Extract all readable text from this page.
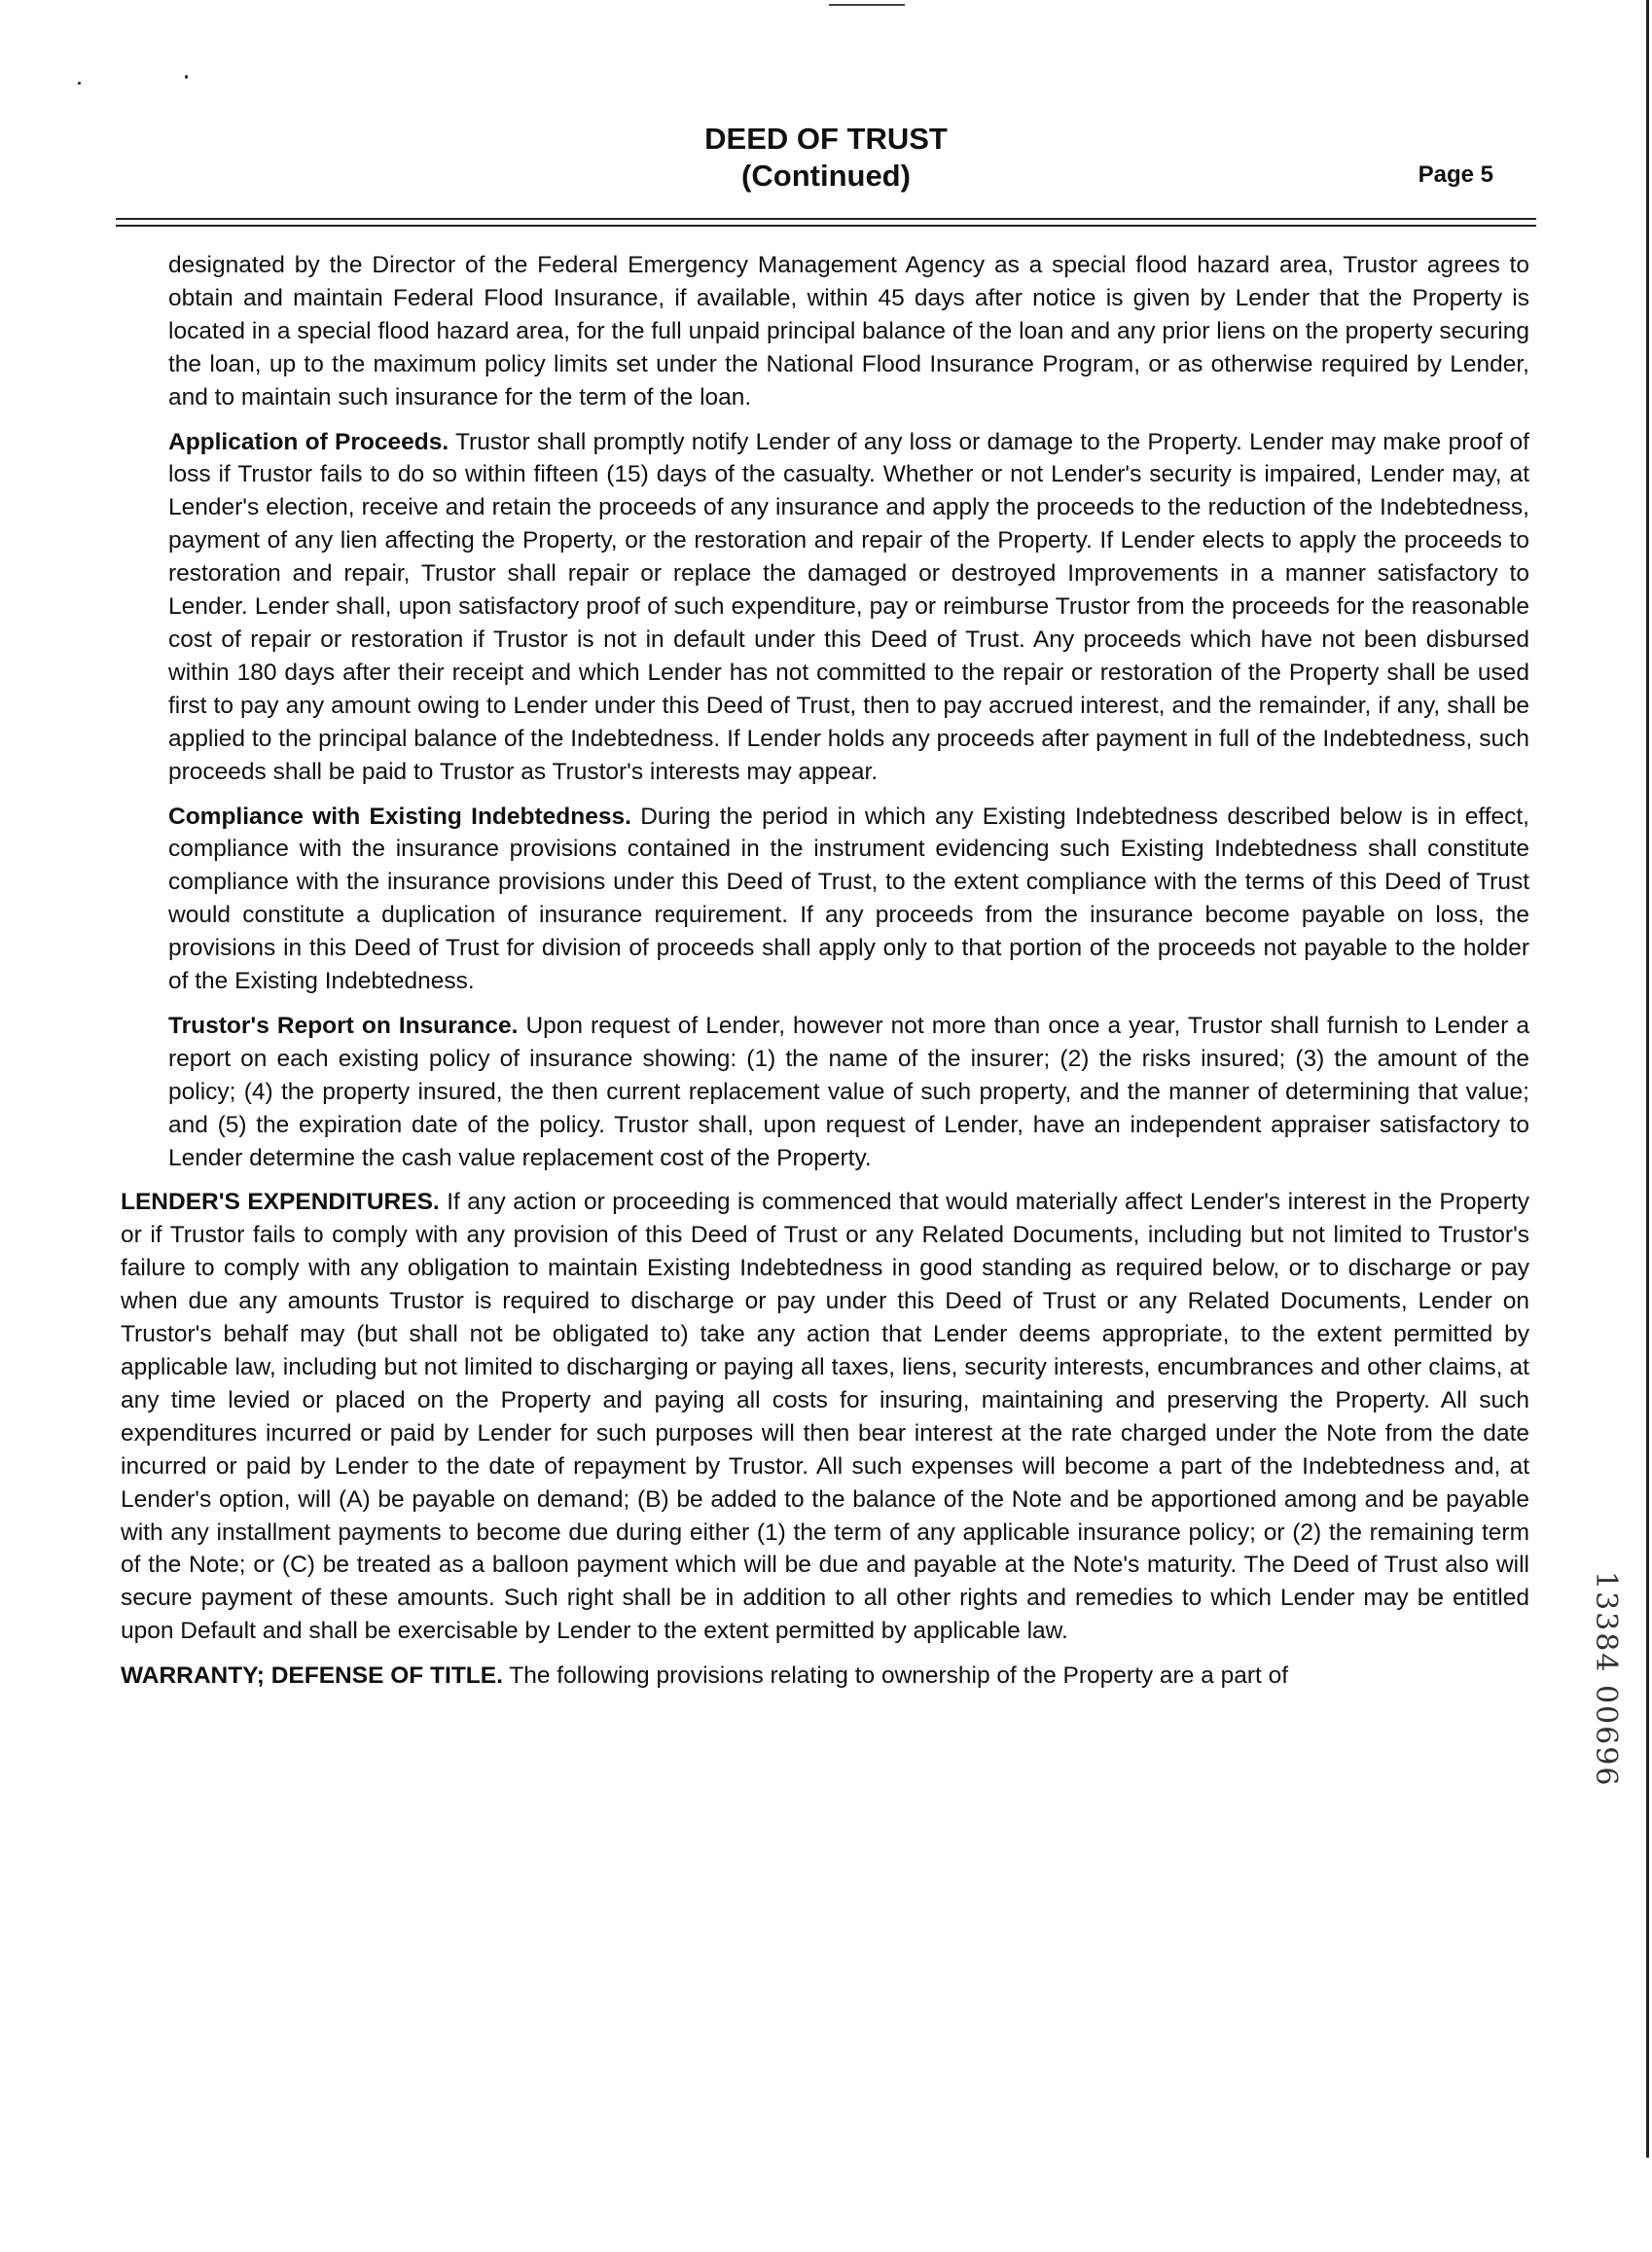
DEED OF TRUST
(Continued)	Page 5

designated by the Director of the Federal Emergency Management Agency as a special flood hazard area, Trustor agrees to obtain and maintain Federal Flood Insurance, if available, within 45 days after notice is given by Lender that the Property is located in a special flood hazard area, for the full unpaid principal balance of the loan and any prior liens on the property securing the loan, up to the maximum policy limits set under the National Flood Insurance Program, or as otherwise required by Lender, and to maintain such insurance for the term of the loan.

Application of Proceeds. Trustor shall promptly notify Lender of any loss or damage to the Property. Lender may make proof of loss if Trustor fails to do so within fifteen (15) days of the casualty. Whether or not Lender's security is impaired, Lender may, at Lender's election, receive and retain the proceeds of any insurance and apply the proceeds to the reduction of the Indebtedness, payment of any lien affecting the Property, or the restoration and repair of the Property. If Lender elects to apply the proceeds to restoration and repair, Trustor shall repair or replace the damaged or destroyed Improvements in a manner satisfactory to Lender. Lender shall, upon satisfactory proof of such expenditure, pay or reimburse Trustor from the proceeds for the reasonable cost of repair or restoration if Trustor is not in default under this Deed of Trust. Any proceeds which have not been disbursed within 180 days after their receipt and which Lender has not committed to the repair or restoration of the Property shall be used first to pay any amount owing to Lender under this Deed of Trust, then to pay accrued interest, and the remainder, if any, shall be applied to the principal balance of the Indebtedness. If Lender holds any proceeds after payment in full of the Indebtedness, such proceeds shall be paid to Trustor as Trustor's interests may appear.

Compliance with Existing Indebtedness. During the period in which any Existing Indebtedness described below is in effect, compliance with the insurance provisions contained in the instrument evidencing such Existing Indebtedness shall constitute compliance with the insurance provisions under this Deed of Trust, to the extent compliance with the terms of this Deed of Trust would constitute a duplication of insurance requirement. If any proceeds from the insurance become payable on loss, the provisions in this Deed of Trust for division of proceeds shall apply only to that portion of the proceeds not payable to the holder of the Existing Indebtedness.

Trustor's Report on Insurance. Upon request of Lender, however not more than once a year, Trustor shall furnish to Lender a report on each existing policy of insurance showing: (1) the name of the insurer; (2) the risks insured; (3) the amount of the policy; (4) the property insured, the then current replacement value of such property, and the manner of determining that value; and (5) the expiration date of the policy. Trustor shall, upon request of Lender, have an independent appraiser satisfactory to Lender determine the cash value replacement cost of the Property.

LENDER'S EXPENDITURES. If any action or proceeding is commenced that would materially affect Lender's interest in the Property or if Trustor fails to comply with any provision of this Deed of Trust or any Related Documents, including but not limited to Trustor's failure to comply with any obligation to maintain Existing Indebtedness in good standing as required below, or to discharge or pay when due any amounts Trustor is required to discharge or pay under this Deed of Trust or any Related Documents, Lender on Trustor's behalf may (but shall not be obligated to) take any action that Lender deems appropriate, to the extent permitted by applicable law, including but not limited to discharging or paying all taxes, liens, security interests, encumbrances and other claims, at any time levied or placed on the Property and paying all costs for insuring, maintaining and preserving the Property. All such expenditures incurred or paid by Lender for such purposes will then bear interest at the rate charged under the Note from the date incurred or paid by Lender to the date of repayment by Trustor. All such expenses will become a part of the Indebtedness and, at Lender's option, will (A) be payable on demand; (B) be added to the balance of the Note and be apportioned among and be payable with any installment payments to become due during either (1) the term of any applicable insurance policy; or (2) the remaining term of the Note; or (C) be treated as a balloon payment which will be due and payable at the Note's maturity. The Deed of Trust also will secure payment of these amounts. Such right shall be in addition to all other rights and remedies to which Lender may be entitled upon Default and shall be exercisable by Lender to the extent permitted by applicable law.

WARRANTY; DEFENSE OF TITLE. The following provisions relating to ownership of the Property are a part of	13384 00696
